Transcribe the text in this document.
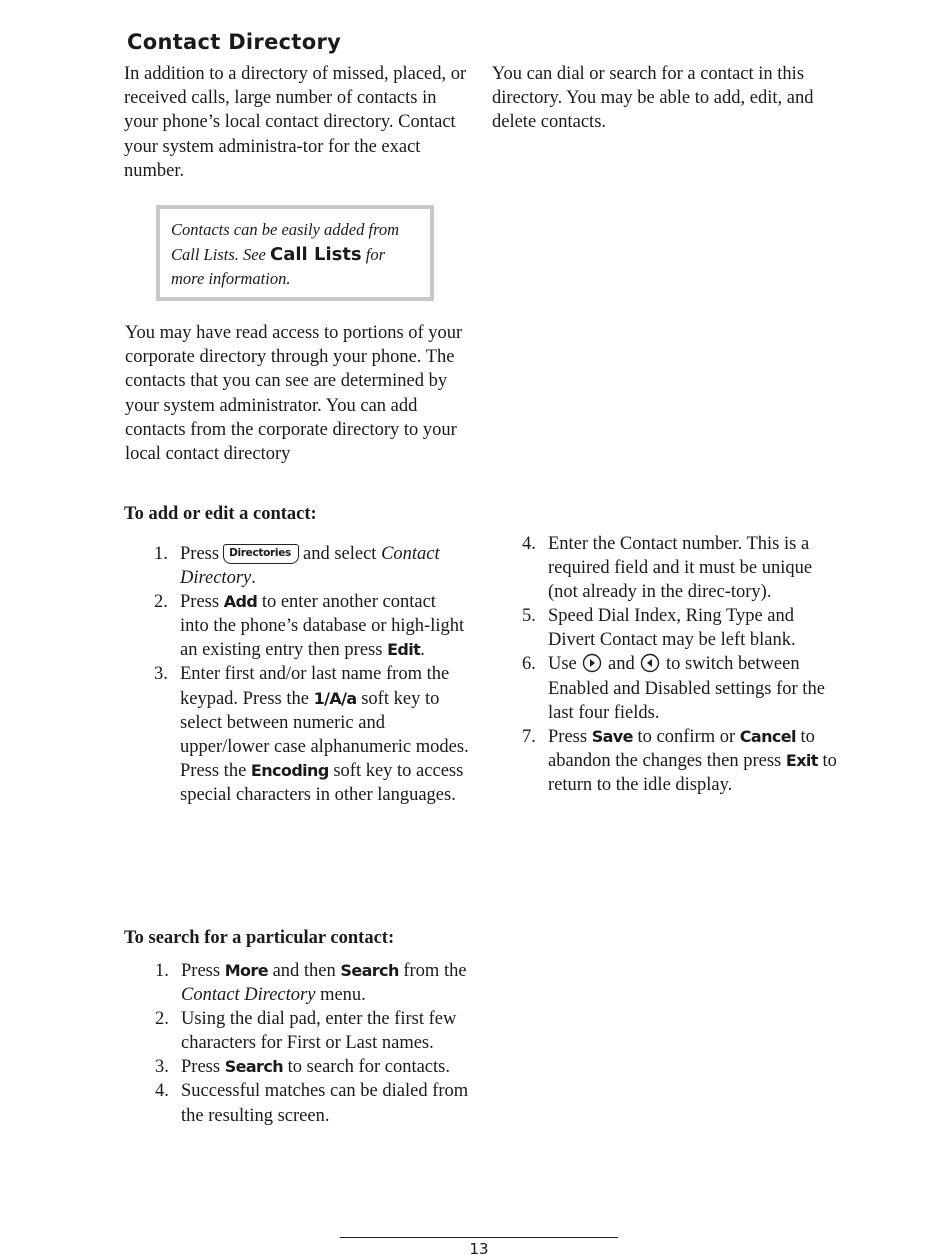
Contact Directory

In addition to a directory of missed, placed, or received calls, large number of contacts in your phone’s local contact directory. Contact your system administra-tor for the exact number.

You can dial or search for a contact in this directory. You may be able to add, edit, and delete contacts.

Contacts can be easily added from Call Lists. See Call Lists for more information.

You may have read access to portions of your corporate directory through your phone. The contacts that you can see are determined by your system administrator. You can add contacts from the corporate directory to your local contact directory

To add or edit a contact:
1. Press Directories and select Contact Directory.
2. Press Add to enter another contact into the phone’s database or high-light an existing entry then press Edit.
3. Enter first and/or last name from the keypad. Press the 1/A/a soft key to select between numeric and upper/lower case alphanumeric modes. Press the Encoding soft key to access special characters in other languages.
4. Enter the Contact number. This is a required field and it must be unique (not already in the direc-tory).
5. Speed Dial Index, Ring Type and Divert Contact may be left blank.
6. Use and to switch between Enabled and Disabled settings for the last four fields.
7. Press Save to confirm or Cancel to abandon the changes then press Exit to return to the idle display.
To search for a particular contact:
1. Press More and then Search from the Contact Directory menu.
2. Using the dial pad, enter the first few characters for First or Last names.
3. Press Search to search for contacts.
4. Successful matches can be dialed from the resulting screen.
13
